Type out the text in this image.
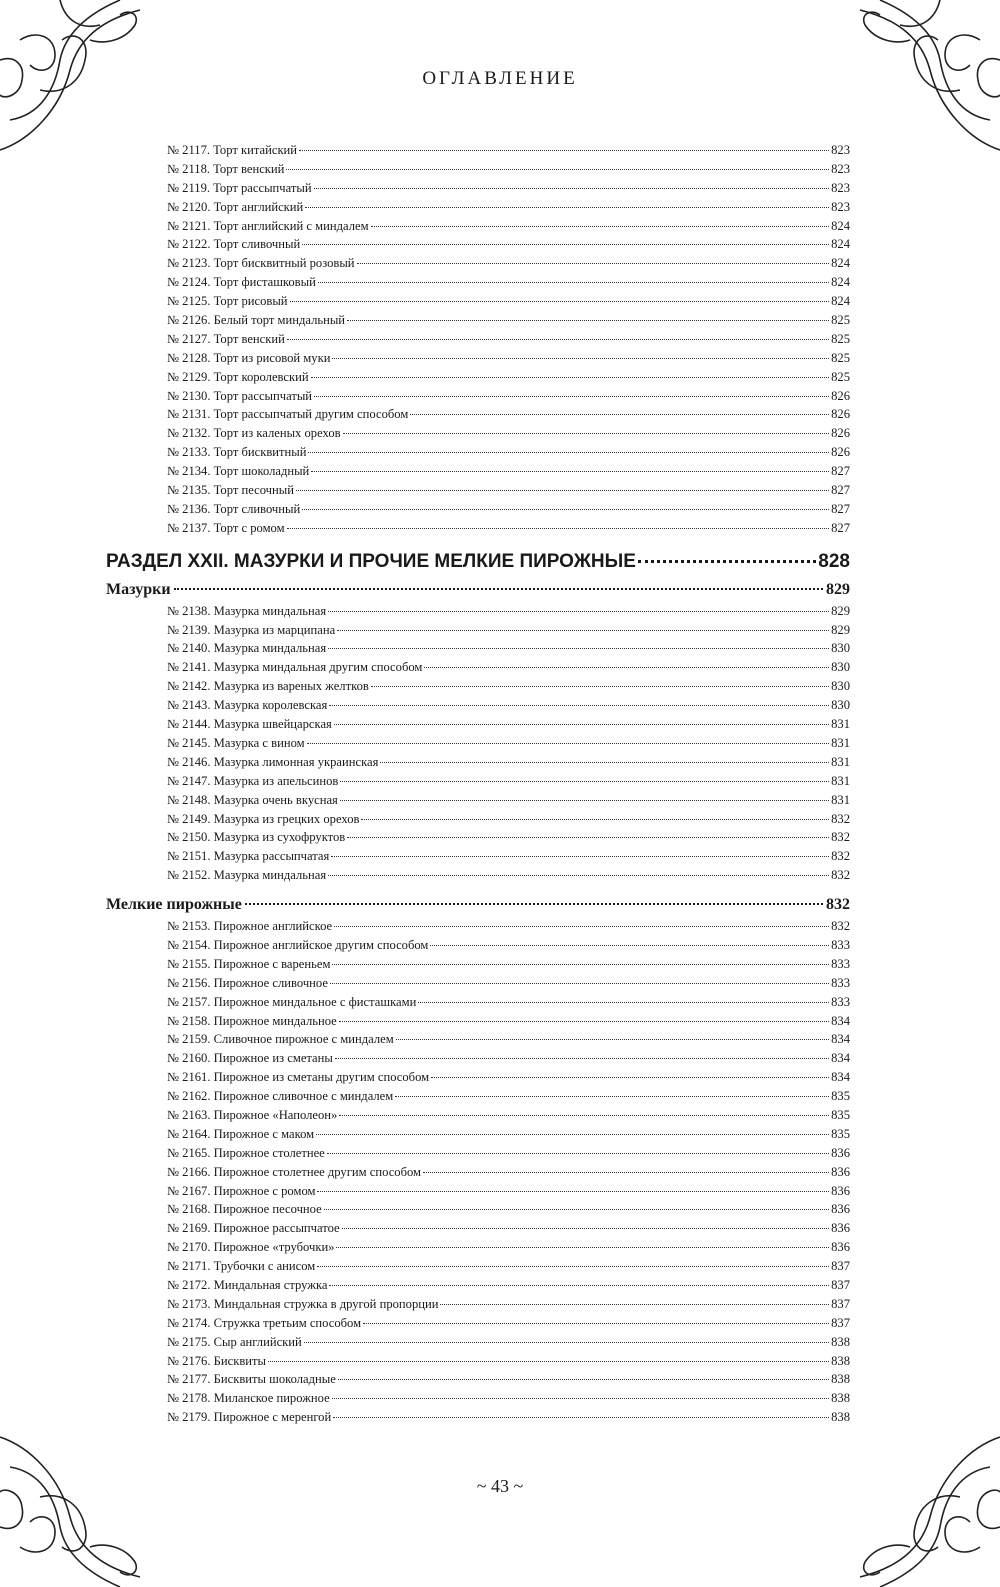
ОГЛАВЛЕНИЕ
№ 2117. Торт китайский	823
№ 2118. Торт венский	823
№ 2119. Торт рассыпчатый	823
№ 2120. Торт английский	823
№ 2121. Торт английский с миндалем	824
№ 2122. Торт сливочный	824
№ 2123. Торт бисквитный розовый	824
№ 2124. Торт фисташковый	824
№ 2125. Торт рисовый	824
№ 2126. Белый торт миндальный	825
№ 2127. Торт венский	825
№ 2128. Торт из рисовой муки	825
№ 2129. Торт королевский	825
№ 2130. Торт рассыпчатый	826
№ 2131. Торт рассыпчатый другим способом	826
№ 2132. Торт из каленых орехов	826
№ 2133. Торт бисквитный	826
№ 2134. Торт шоколадный	827
№ 2135. Торт песочный	827
№ 2136. Торт сливочный	827
№ 2137. Торт с ромом	827
РАЗДЕЛ XXII. МАЗУРКИ И ПРОЧИЕ МЕЛКИЕ ПИРОЖНЫЕ	828
Мазурки	829
№ 2138. Мазурка миндальная	829
№ 2139. Мазурка из марципана	829
№ 2140. Мазурка миндальная	830
№ 2141. Мазурка миндальная другим способом	830
№ 2142. Мазурка из вареных желтков	830
№ 2143. Мазурка королевская	830
№ 2144. Мазурка швейцарская	831
№ 2145. Мазурка с вином	831
№ 2146. Мазурка лимонная украинская	831
№ 2147. Мазурка из апельсинов	831
№ 2148. Мазурка очень вкусная	831
№ 2149. Мазурка из грецких орехов	832
№ 2150. Мазурка из сухофруктов	832
№ 2151. Мазурка рассыпчатая	832
№ 2152. Мазурка миндальная	832
Мелкие пирожные	832
№ 2153. Пирожное английское	832
№ 2154. Пирожное английское другим способом	833
№ 2155. Пирожное с вареньем	833
№ 2156. Пирожное сливочное	833
№ 2157. Пирожное миндальное с фисташками	833
№ 2158. Пирожное миндальное	834
№ 2159. Сливочное пирожное с миндалем	834
№ 2160. Пирожное из сметаны	834
№ 2161. Пирожное из сметаны другим способом	834
№ 2162. Пирожное сливочное с миндалем	835
№ 2163. Пирожное «Наполеон»	835
№ 2164. Пирожное с маком	835
№ 2165. Пирожное столетнее	836
№ 2166. Пирожное столетнее другим способом	836
№ 2167. Пирожное с ромом	836
№ 2168. Пирожное песочное	836
№ 2169. Пирожное рассыпчатое	836
№ 2170. Пирожное «трубочки»	836
№ 2171. Трубочки с анисом	837
№ 2172. Миндальная стружка	837
№ 2173. Миндальная стружка в другой пропорции	837
№ 2174. Стружка третьим способом	837
№ 2175. Сыр английский	838
№ 2176. Бисквиты	838
№ 2177. Бисквиты шоколадные	838
№ 2178. Миланское пирожное	838
№ 2179. Пирожное с меренгой	838
~ 43 ~
